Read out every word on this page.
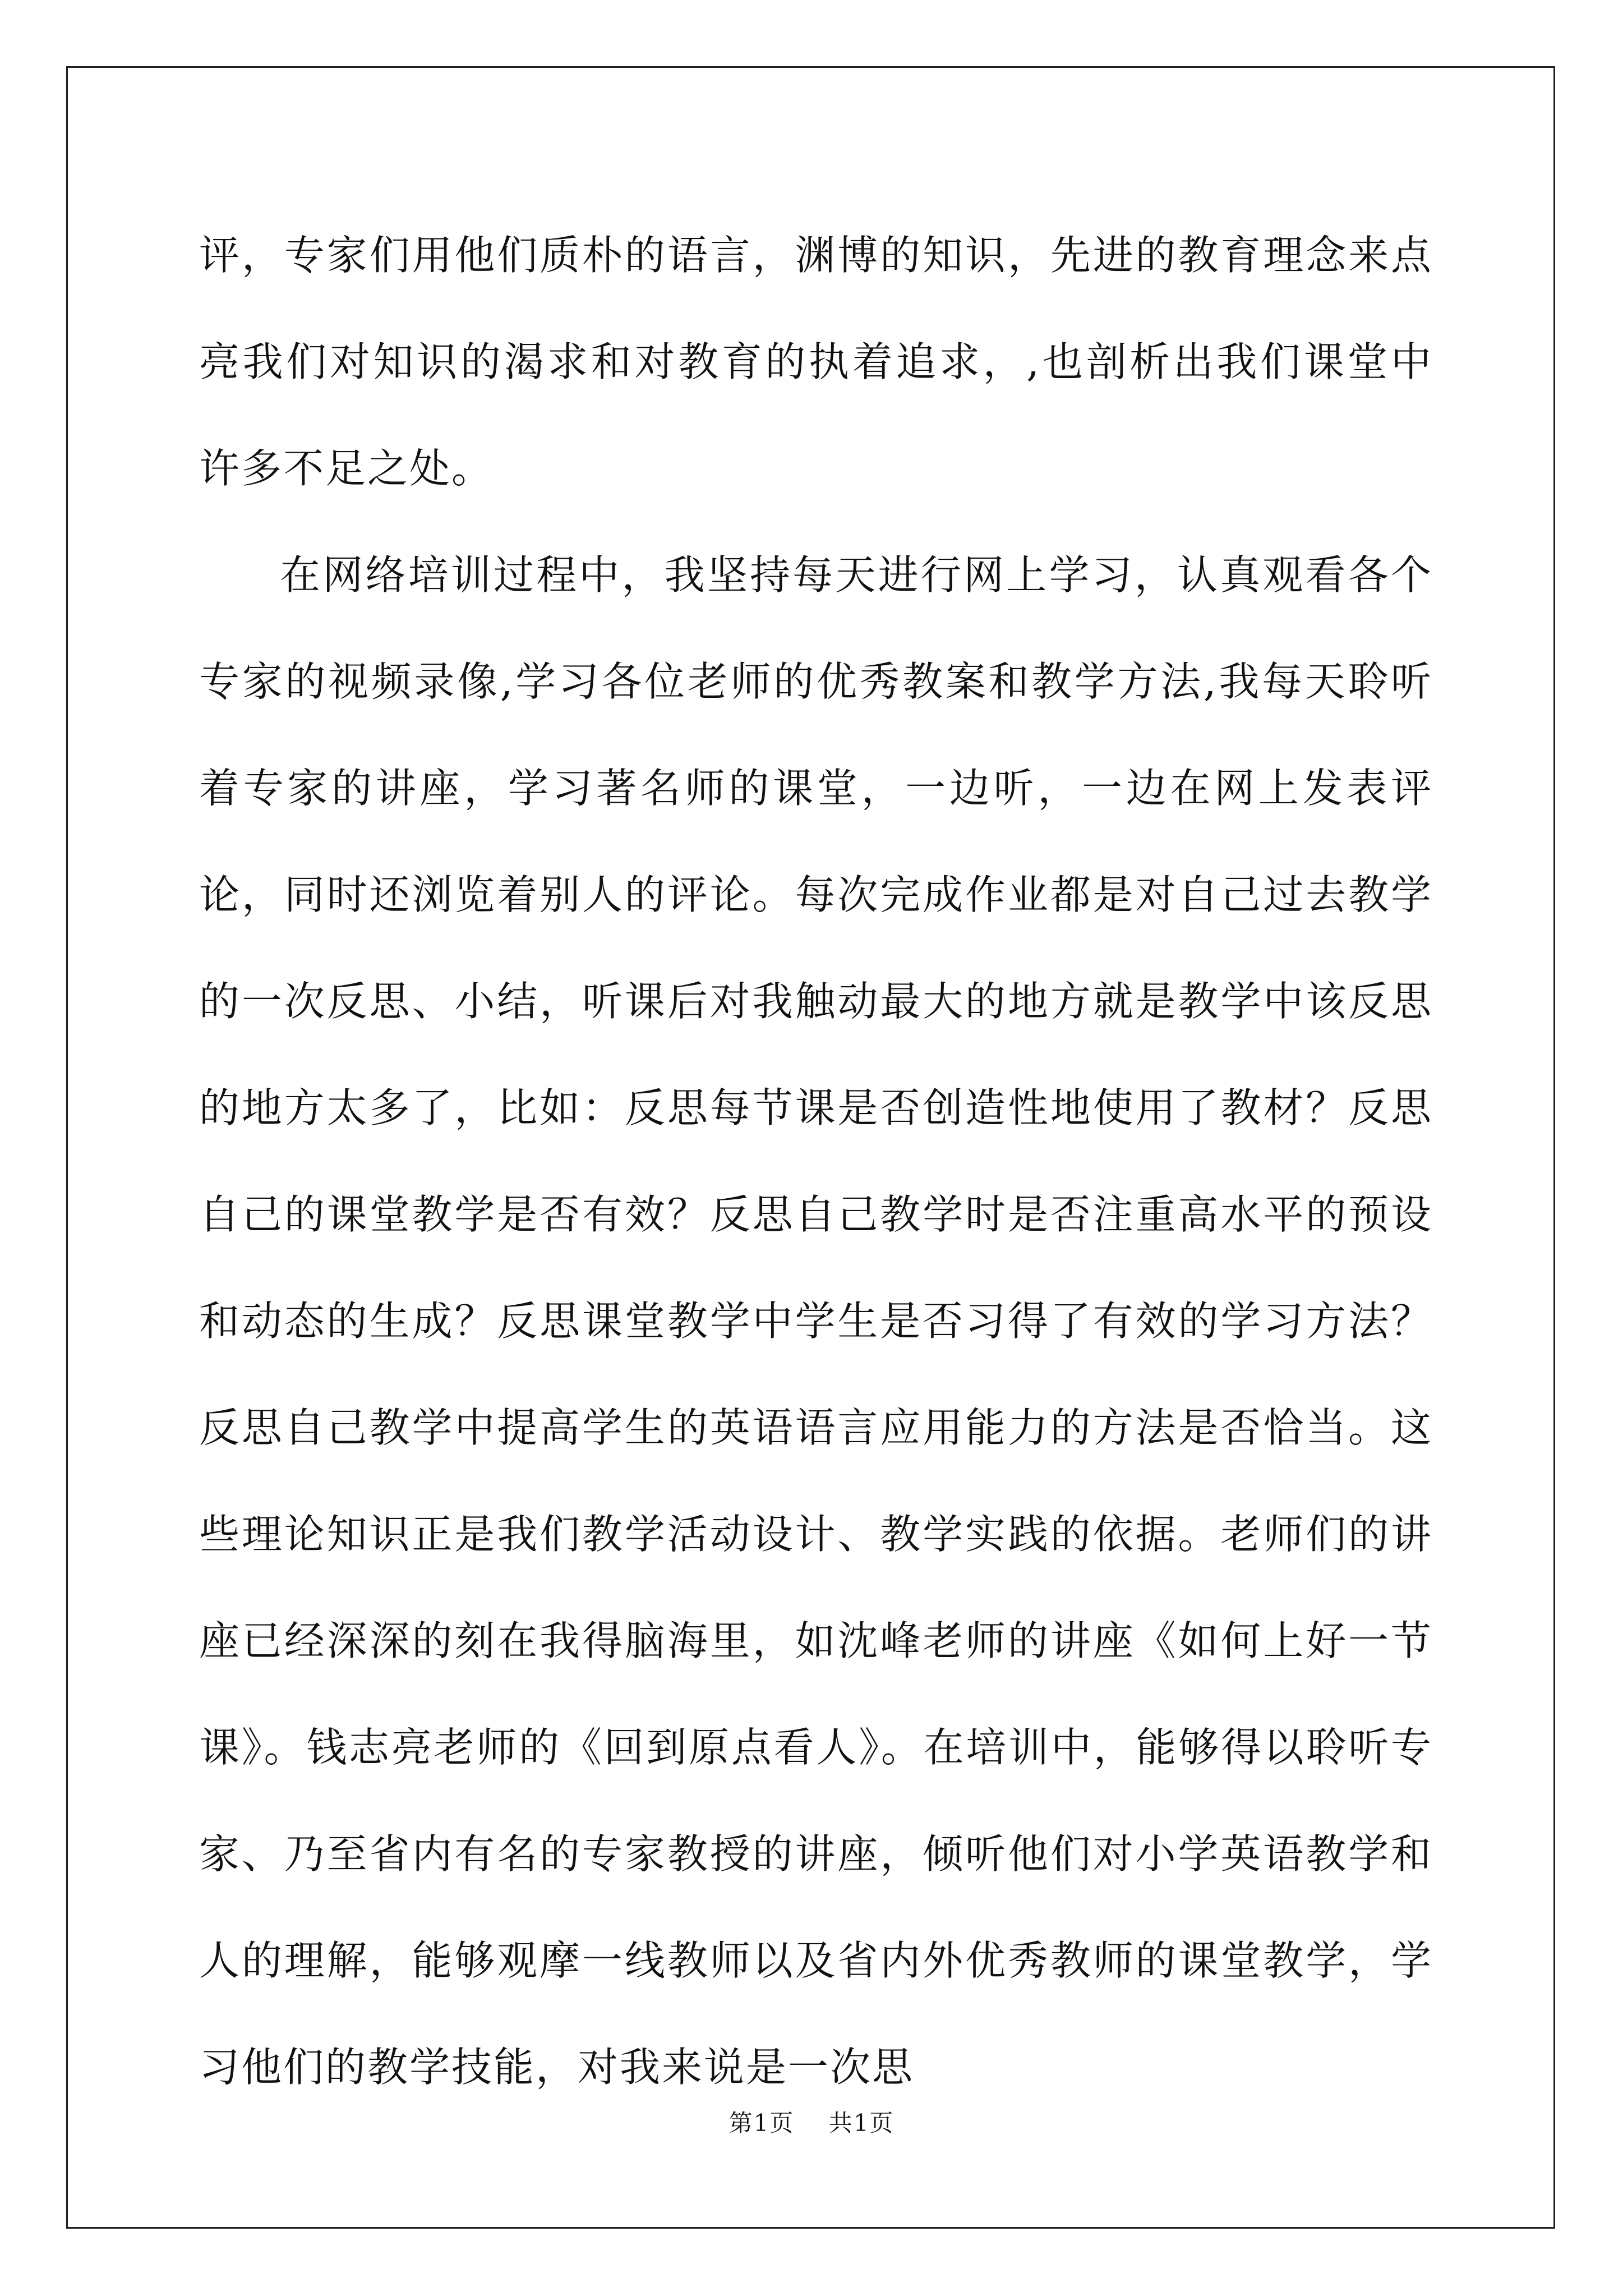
评，专家们用他们质朴的语言，渊博的知识，先进的教育理念来点亮我们对知识的渴求和对教育的执着追求，,也剖析出我们课堂中许多不足之处。

在网络培训过程中，我坚持每天进行网上学习，认真观看各个专家的视频录像,学习各位老师的优秀教案和教学方法,我每天聆听着专家的讲座，学习著名师的课堂，一边听，一边在网上发表评论，同时还浏览着别人的评论。每次完成作业都是对自己过去教学的一次反思、小结，听课后对我触动最大的地方就是教学中该反思的地方太多了，比如：反思每节课是否创造性地使用了教材？反思自己的课堂教学是否有效？反思自己教学时是否注重高水平的预设和动态的生成？反思课堂教学中学生是否习得了有效的学习方法？反思自己教学中提高学生的英语语言应用能力的方法是否恰当。这些理论知识正是我们教学活动设计、教学实践的依据。老师们的讲座已经深深的刻在我得脑海里，如沈峰老师的讲座《如何上好一节课》。钱志亮老师的《回到原点看人》。在培训中，能够得以聆听专家、乃至省内有名的专家教授的讲座，倾听他们对小学英语教学和人的理解，能够观摩一线教师以及省内外优秀教师的课堂教学，学习他们的教学技能，对我来说是一次思

第1页 共1页
